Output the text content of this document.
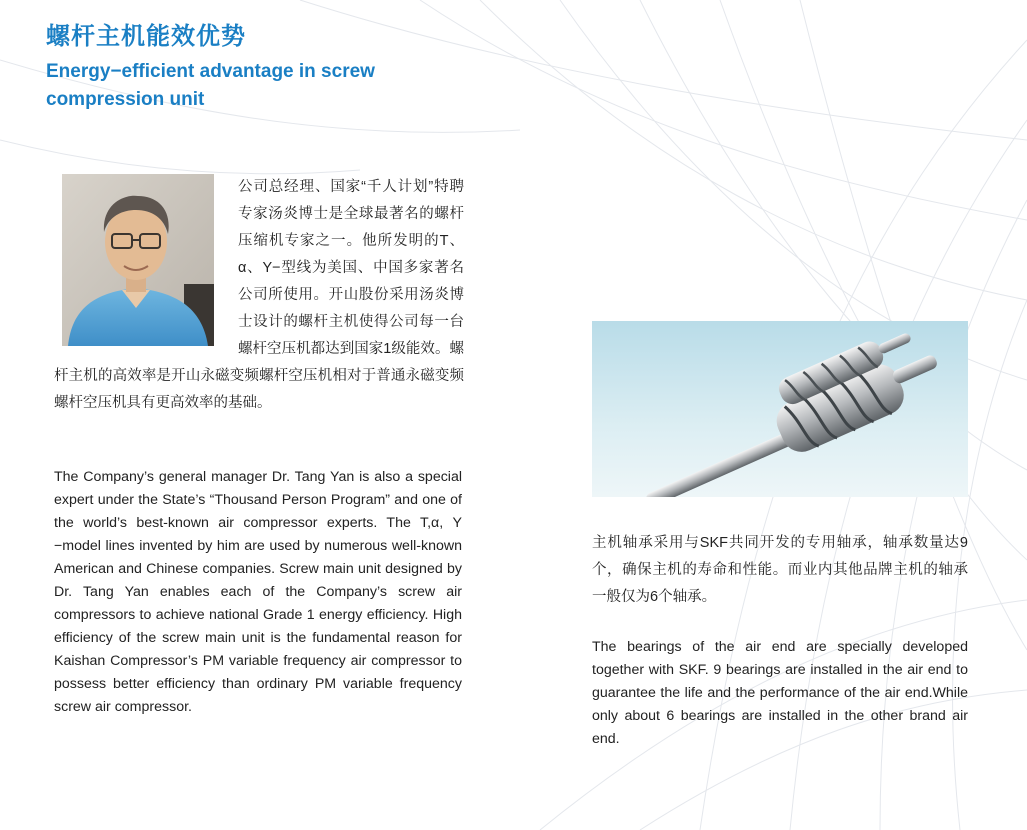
螺杆主机能效优势
Energy−efficient advantage in screw compression unit

公司总经理、国家“千人计划”特聘专家汤炎博士是全球最著名的螺杆压缩机专家之一。他所发明的T、α、Y−型线为美国、中国多家著名公司所使用。开山股份采用汤炎博士设计的螺杆主机使得公司每一台螺杆空压机都达到国家1级能效。螺杆主机的高效率是开山永磁变频螺杆空压机相对于普通永磁变频螺杆空压机具有更高效率的基础。

The Company’s general manager Dr. Tang Yan is also a special expert under the State’s “Thousand Person Program” and one of the world’s best-known air compressor experts. The T,α, Y −model lines invented by him are used by numerous well-known American and Chinese companies. Screw main unit designed by Dr. Tang Yan enables each of the Company’s screw air compressors to achieve national Grade 1 energy efficiency. High efficiency of the screw main unit is the fundamental reason for Kaishan Compressor’s PM variable frequency air compressor to possess better efficiency than ordinary PM variable frequency screw air compressor.

主机轴承采用与SKF共同开发的专用轴承，轴承数量达9个，确保主机的寿命和性能。而业内其他品牌主机的轴承一般仅为6个轴承。

The bearings of the air end are specially developed together with SKF. 9 bearings are installed in the air end to guarantee the life and the performance of the air end.While only about 6 bearings are installed in the other brand air end.
